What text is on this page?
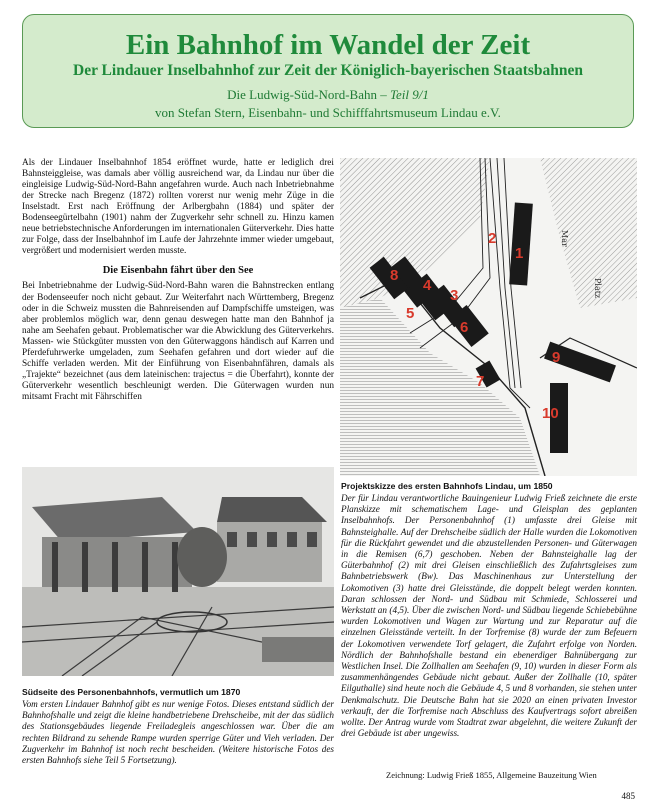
Ein Bahnhof im Wandel der Zeit
Der Lindauer Inselbahnhof zur Zeit der Königlich-bayerischen Staatsbahnen
Die Ludwig-Süd-Nord-Bahn – Teil 9/1
von Stefan Stern, Eisenbahn- und Schifffahrtsmuseum Lindau e.V.

Als der Lindauer Inselbahnhof 1854 eröffnet wurde, hatte er lediglich drei Bahnsteiggleise, was damals aber völlig ausreichend war, da Lindau nur über die eingleisige Ludwig-Süd-Nord-Bahn angefahren wurde. Auch nach Inbetriebnahme der Strecke nach Bregenz (1872) rollten vorerst nur wenig mehr Züge in die Inselstadt. Erst nach Eröffnung der Arlbergbahn (1884) und später der Bodenseegürtelbahn (1901) nahm der Zugverkehr sehr schnell zu. Hinzu kamen neue betriebstechnische Anforderungen im internationalen Güterverkehr. Dies hatte zur Folge, dass der Inselbahnhof im Laufe der Jahrzehnte immer wieder umgebaut, vergrößert und modernisiert werden musste.

Die Eisenbahn fährt über den See

Bei Inbetriebnahme der Ludwig-Süd-Nord-Bahn waren die Bahnstrecken entlang der Bodenseeufer noch nicht gebaut. Zur Weiterfahrt nach Württemberg, Bregenz oder in die Schweiz mussten die Bahnreisenden auf Dampfschiffe umsteigen, was aber problemlos möglich war, denn genau deswegen hatte man den Bahnhof ja nahe am Seehafen gebaut. Problematischer war die Abwicklung des Güterverkehrs. Massen- wie Stückgüter mussten von den Güterwaggons händisch auf Karren und Pferdefuhrwerke umgeladen, zum Seehafen gefahren und dort wieder auf die Schiffe verladen werden. Mit der Einführung von Eisenbahnfähren, damals als „Trajekte“ bezeichnet (aus dem lateinischen: trajectus = die Überfahrt), konnte der Güterverkehr wesentlich beschleunigt werden. Die Güterwagen wurden nun mitsamt Fracht mit Fährschiffen

Mar
Platz
1
2
3
4
5
6
7
8
9
10
Projektskizze des ersten Bahnhofs Lindau, um 1850
Der für Lindau verantwortliche Bauingenieur Ludwig Frieß zeichnete die erste Planskizze mit schematischem Lage- und Gleisplan des geplanten Inselbahnhofs. Der Personenbahnhof (1) umfasste drei Gleise mit Bahnsteighalle. Auf der Drehscheibe südlich der Halle wurden die Lokomotiven für die Rückfahrt gewendet und die abzustellenden Personen- und Güterwagen in die Remisen (6,7) geschoben. Neben der Bahnsteighalle lag der Güterbahnhof (2) mit drei Gleisen einschließlich des Zufahrtsgleises zum Bahnbetriebswerk (Bw). Das Maschinenhaus zur Unterstellung der Lokomotiven (3) hatte drei Gleisstände, die doppelt belegt werden konnten. Daran schlossen der Nord- und Südbau mit Schmiede, Schlosserei und Werkstatt an (4,5). Über die zwischen Nord- und Südbau liegende Schiebebühne wurden Lokomotiven und Wagen zur Wartung und zur Reparatur auf die einzelnen Gleisstände verteilt. In der Torfremise (8) wurde der zum Befeuern der Lokomotiven verwendete Torf gelagert, die Zufahrt erfolge von Norden. Nördlich der Bahnhofshalle bestand ein ebenerdiger Bahnübergang zur Westlichen Insel. Die Zollhallen am Seehafen (9, 10) wurden in dieser Form als zusammenhängendes Gebäude nicht gebaut. Außer der Zollhalle (10, später Eilguthalle) sind heute noch die Gebäude 4, 5 und 8 vorhanden, sie stehen unter Denkmalschutz. Die Deutsche Bahn hat sie 2020 an einen privaten Investor verkauft, der die Torfremise nach Abschluss des Kaufvertrags sofort abreißen wollte. Der Antrag wurde vom Stadtrat zwar abgelehnt, die weitere Zukunft der drei Gebäude ist aber ungewiss.
Südseite des Personenbahnhofs, vermutlich um 1870
Vom ersten Lindauer Bahnhof gibt es nur wenige Fotos. Dieses entstand südlich der Bahnhofshalle und zeigt die kleine handbetriebene Drehscheibe, mit der das südlich des Stationsgebäudes liegende Freiladegleis angeschlossen war. Über die am rechten Bildrand zu sehende Rampe wurden sperrige Güter und Vieh verladen. Der Zugverkehr im Bahnhof ist noch recht bescheiden. (Weitere historische Fotos des ersten Bahnhofs siehe Teil 5 Fortsetzung).
Zeichnung: Ludwig Frieß 1855, Allgemeine Bauzeitung Wien
485
